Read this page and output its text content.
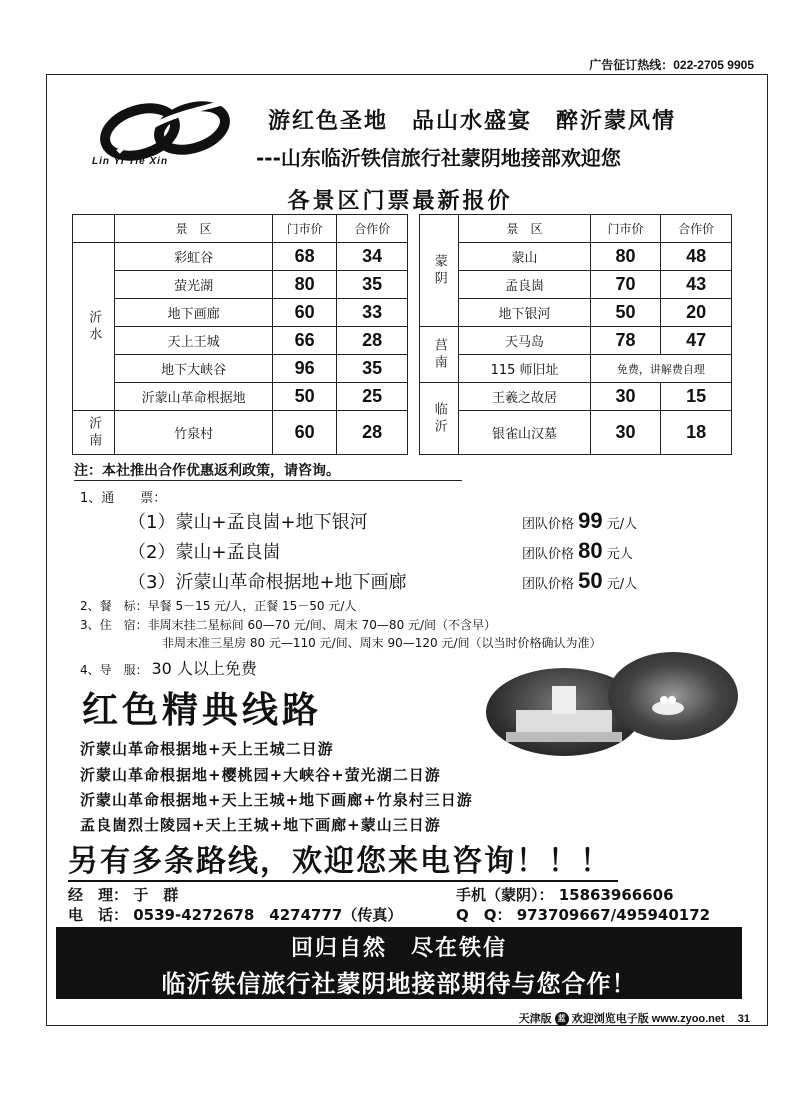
广告征订热线：022-2705 9905
Lin Yi Tie Xin
游红色圣地　品山水盛宴　醉沂蒙风情
---山东临沂铁信旅行社蒙阴地接部欢迎您
各景区门票最新报价
	景　区	门市价	合作价		蒙阴	景　区	门市价	合作价
沂水	彩虹谷	68	34			蒙山	80	48
	萤光湖	80	35			孟良崮	70	43
	地下画廊	60	33			地下银河	50	20
	天上王城	66	28		莒南	天马岛	78	47
	地下大峡谷	96	35			115 师旧址	免费，讲解费自理	
	沂蒙山革命根据地	50	25		临沂	王羲之故居	30	15
沂南	竹泉村	60	28			银雀山汉墓	30	18
注：本社推出合作优惠返利政策，请咨询。
1、通　　票：
（1）蒙山+孟良崮+地下银河	团队价格 99 元/人
（2）蒙山+孟良崮	团队价格 80 元人
（3）沂蒙山革命根据地+地下画廊	团队价格 50 元/人
2、餐　标：早餐 5－15 元/人，正餐 15－50 元/人
3、住　宿：非周末挂二星标间 60—70 元/间、周末 70—80 元/间（不含早）
非周末准三星房 80 元—110 元/间、周末 90—120 元/间（以当时价格确认为准）
4、导　服： 30 人以上免费
红色精典线路
沂蒙山革命根据地+天上王城二日游
沂蒙山革命根据地+樱桃园+大峡谷+萤光湖二日游
沂蒙山革命根据地+天上王城+地下画廊+竹泉村三日游
孟良崮烈士陵园+天上王城+地下画廊+蒙山三日游
另有多条路线，欢迎您来电咨询！！！
经　理： 于　群
电　话： 0539-4272678　4274777（传真）
手机（蒙阴）： 15863966606
Q　Q： 973709667/495940172
回归自然　尽在铁信
临沂铁信旅行社蒙阴地接部期待与您合作！
天津版 蓝 欢迎浏览电子版 www.zyoo.net 31
